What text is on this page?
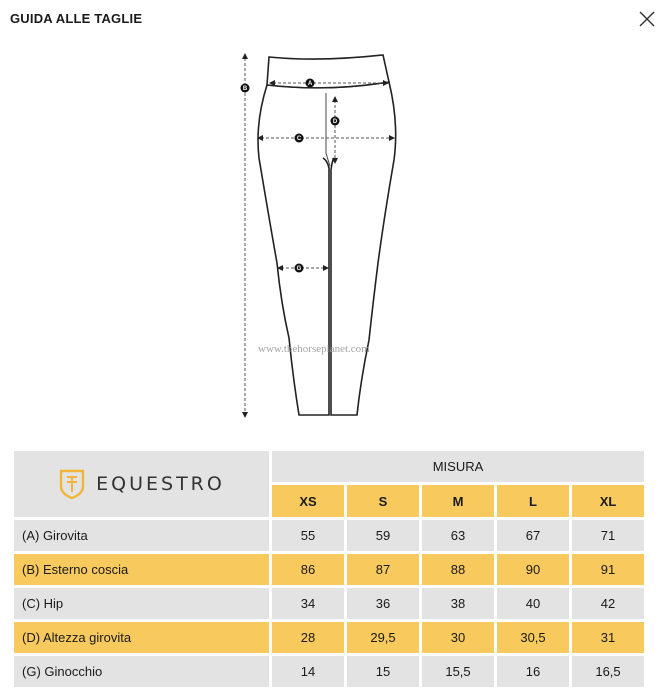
GUIDA ALLE TAGLIE
B
A
C
D
G
www.thehorseplanet.com
EQUESTRO	MISURA				
	XS	S	M	L	XL
(A) Girovita	55	59	63	67	71
(B) Esterno coscia	86	87	88	90	91
(C) Hip	34	36	38	40	42
(D) Altezza girovita	28	29,5	30	30,5	31
(G) Ginocchio	14	15	15,5	16	16,5
